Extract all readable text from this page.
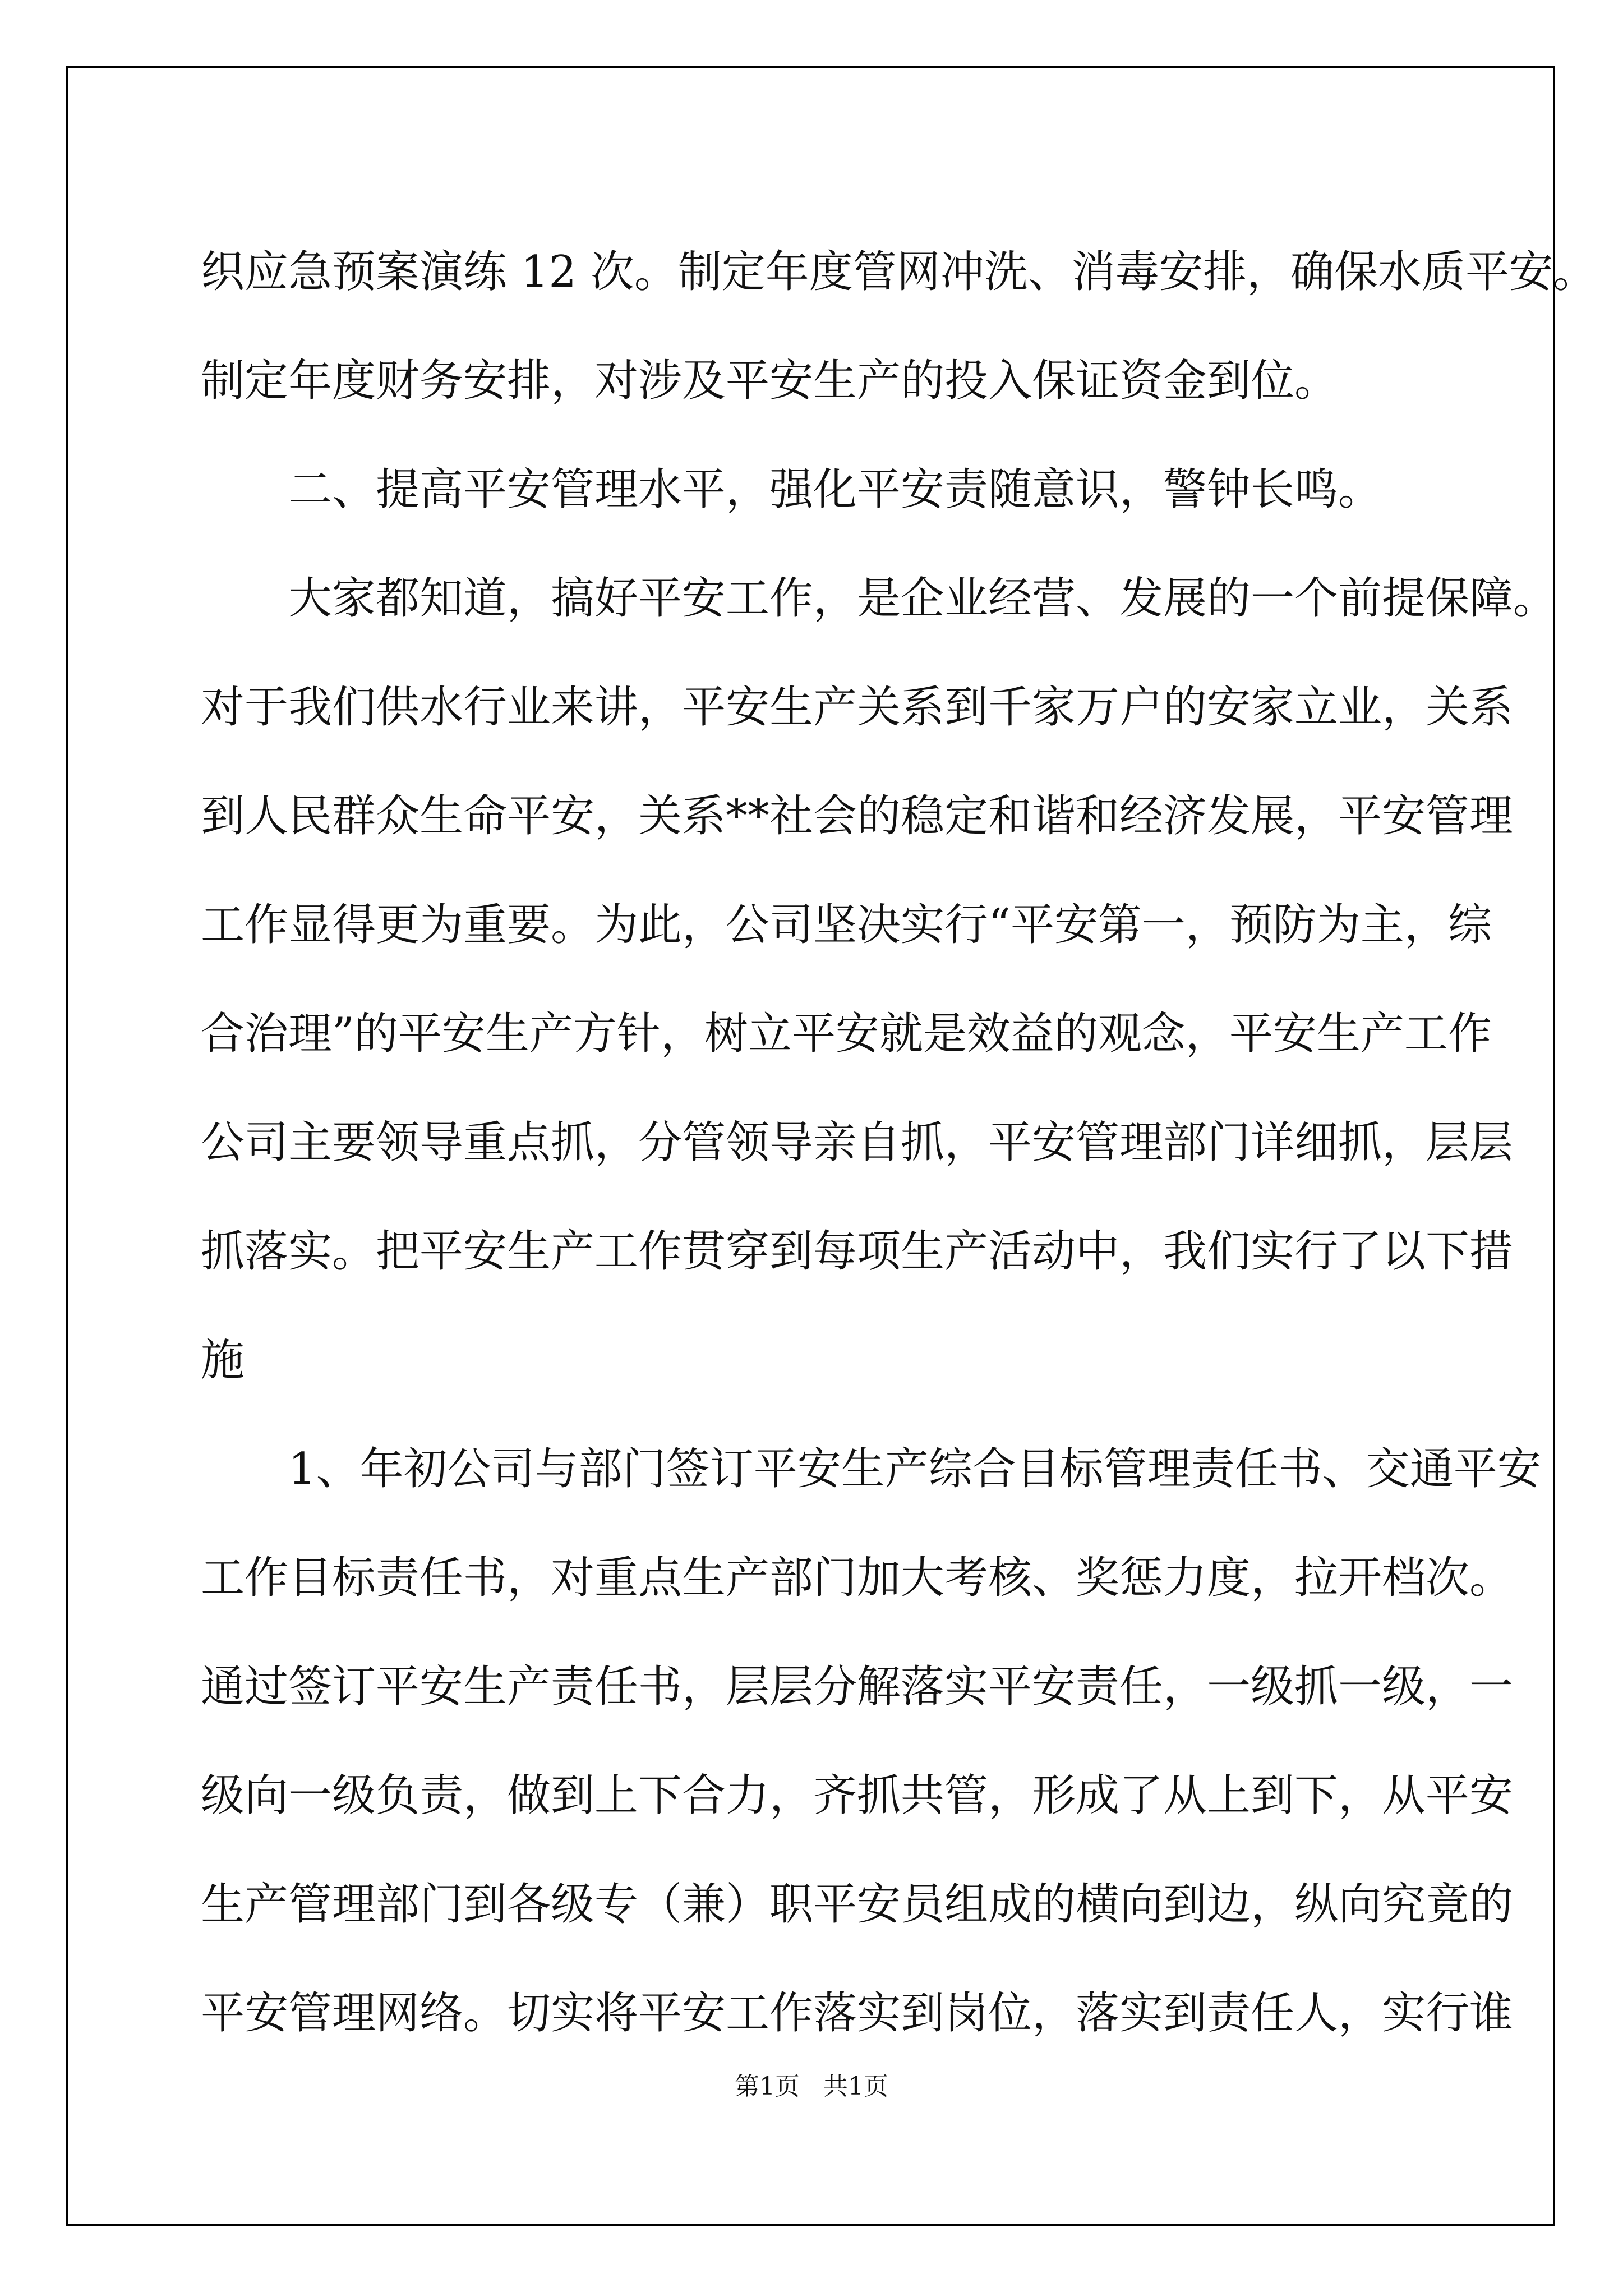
织应急预案演练 12 次。制定年度管网冲洗、消毒安排，确保水质平安。

制定年度财务安排，对涉及平安生产的投入保证资金到位。

二、提高平安管理水平，强化平安责随意识，警钟长鸣。

大家都知道，搞好平安工作，是企业经营、发展的一个前提保障。

对于我们供水行业来讲，平安生产关系到千家万户的安家立业，关系

到人民群众生命平安，关系**社会的稳定和谐和经济发展，平安管理

工作显得更为重要。为此，公司坚决实行“平安第一，预防为主，综

合治理”的平安生产方针，树立平安就是效益的观念，平安生产工作

公司主要领导重点抓，分管领导亲自抓，平安管理部门详细抓，层层

抓落实。把平安生产工作贯穿到每项生产活动中，我们实行了以下措

施

1、年初公司与部门签订平安生产综合目标管理责任书、交通平安

工作目标责任书，对重点生产部门加大考核、奖惩力度，拉开档次。

通过签订平安生产责任书，层层分解落实平安责任，一级抓一级，一

级向一级负责，做到上下合力，齐抓共管，形成了从上到下，从平安

生产管理部门到各级专（兼）职平安员组成的横向到边，纵向究竟的

平安管理网络。切实将平安工作落实到岗位，落实到责任人，实行谁

第1页   共1页
